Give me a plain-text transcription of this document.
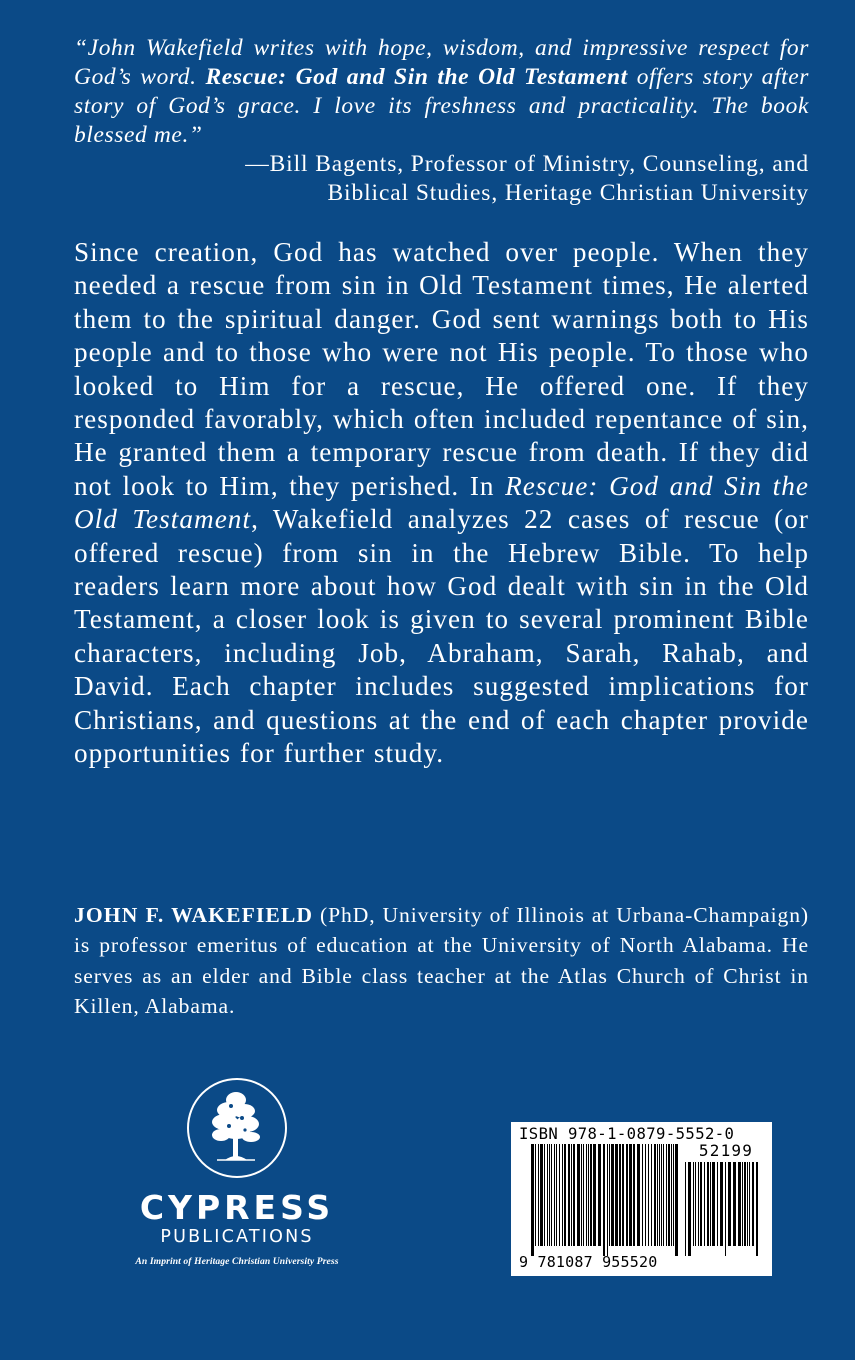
“John Wakefield writes with hope, wisdom, and impressive respect for God’s word. Rescue: God and Sin the Old Testament offers story after story of God’s grace. I love its freshness and practicality. The book blessed me.”
—Bill Bagents, Professor of Ministry, Counseling, and
Biblical Studies, Heritage Christian University
Since creation, God has watched over people. When they needed a rescue from sin in Old Testament times, He alerted them to the spiritual danger. God sent warnings both to His people and to those who were not His people. To those who looked to Him for a rescue, He offered one. If they responded favorably, which often included repentance of sin, He granted them a temporary rescue from death. If they did not look to Him, they perished. In Rescue: God and Sin the Old Testament, Wakefield analyzes 22 cases of rescue (or offered rescue) from sin in the Hebrew Bible. To help readers learn more about how God dealt with sin in the Old Testament, a closer look is given to several prominent Bible characters, including Job, Abraham, Sarah, Rahab, and David. Each chapter includes suggested implications for Christians, and questions at the end of each chapter provide opportunities for further study.
JOHN F. WAKEFIELD (PhD, University of Illinois at Urbana-Champaign) is professor emeritus of education at the University of North Alabama. He serves as an elder and Bible class teacher at the Atlas Church of Christ in Killen, Alabama.
CYPRESS
PUBLICATIONS
An Imprint of Heritage Christian University Press
ISBN 978-1-0879-5552-0
52199
9 781087 955520
